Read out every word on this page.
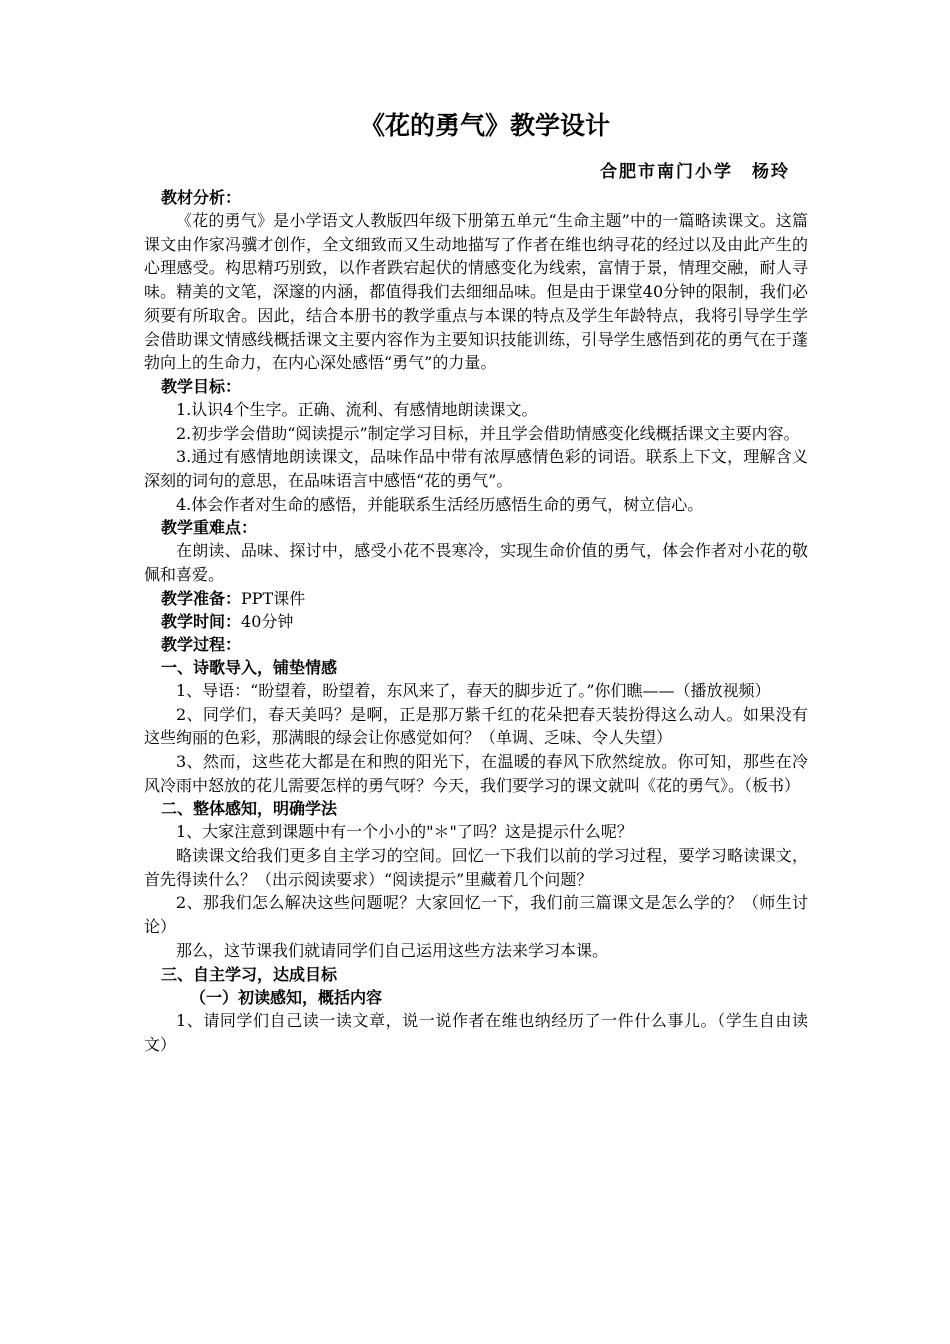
《花的勇气》教学设计
合肥市南门小学　杨玲
教材分析：

《花的勇气》是小学语文人教版四年级下册第五单元“生命主题”中的一篇略读课文。这篇课文由作家冯骥才创作，全文细致而又生动地描写了作者在维也纳寻花的经过以及由此产生的心理感受。构思精巧别致，以作者跌宕起伏的情感变化为线索，富情于景，情理交融，耐人寻味。精美的文笔，深邃的内涵，都值得我们去细细品味。但是由于课堂40分钟的限制，我们必须要有所取舍。因此，结合本册书的教学重点与本课的特点及学生年龄特点，我将引导学生学会借助课文情感线概括课文主要内容作为主要知识技能训练，引导学生感悟到花的勇气在于蓬勃向上的生命力，在内心深处感悟“勇气”的力量。

教学目标：

1.认识4个生字。正确、流利、有感情地朗读课文。

2.初步学会借助“阅读提示”制定学习目标，并且学会借助情感变化线概括课文主要内容。

3.通过有感情地朗读课文，品味作品中带有浓厚感情色彩的词语。联系上下文，理解含义深刻的词句的意思，在品味语言中感悟“花的勇气”。

4.体会作者对生命的感悟，并能联系生活经历感悟生命的勇气，树立信心。

教学重难点：

在朗读、品味、探讨中，感受小花不畏寒冷，实现生命价值的勇气，体会作者对小花的敬佩和喜爱。

教学准备：PPT课件
教学时间：40分钟
教学过程：
一、诗歌导入，铺垫情感

1、导语：“盼望着，盼望着，东风来了，春天的脚步近了。”你们瞧——（播放视频）

2、同学们，春天美吗？是啊，正是那万紫千红的花朵把春天装扮得这么动人。如果没有这些绚丽的色彩，那满眼的绿会让你感觉如何？（单调、乏味、令人失望）

3、然而，这些花大都是在和煦的阳光下，在温暖的春风下欣然绽放。你可知，那些在冷风冷雨中怒放的花儿需要怎样的勇气呀？今天，我们要学习的课文就叫《花的勇气》。（板书）

二、整体感知，明确学法

1、大家注意到课题中有一个小小的"＊"了吗？这是提示什么呢？

略读课文给我们更多自主学习的空间。回忆一下我们以前的学习过程，要学习略读课文，首先得读什么？（出示阅读要求）“阅读提示”里藏着几个问题？

2、那我们怎么解决这些问题呢？大家回忆一下，我们前三篇课文是怎么学的？（师生讨论）

那么，这节课我们就请同学们自己运用这些方法来学习本课。

三、自主学习，达成目标
（一）初读感知，概括内容

1、请同学们自己读一读文章，说一说作者在维也纳经历了一件什么事儿。（学生自由读文）
